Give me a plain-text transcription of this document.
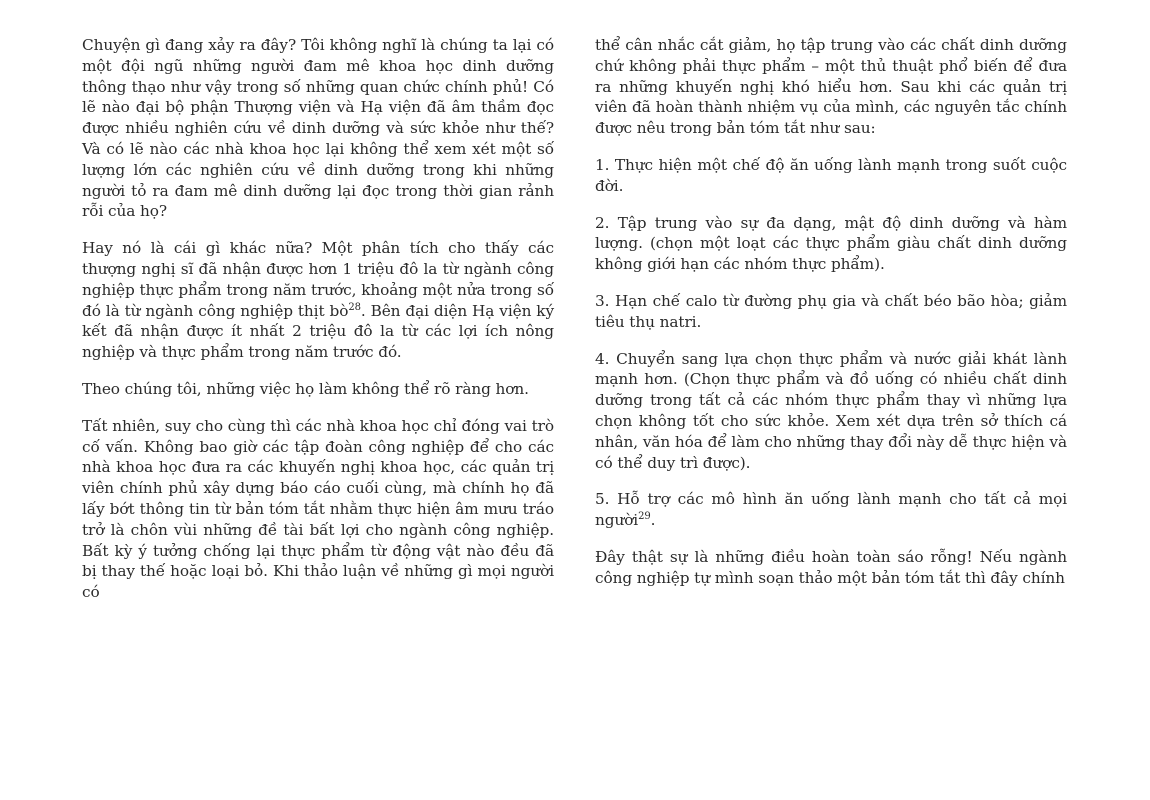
Chuyện gì đang xảy ra đây? Tôi không nghĩ là chúng ta lại có một đội ngũ những người đam mê khoa học dinh dưỡng thông thạo như vậy trong số những quan chức chính phủ! Có lẽ nào đại bộ phận Thượng viện và Hạ viện đã âm thầm đọc được nhiều nghiên cứu về dinh dưỡng và sức khỏe như thế? Và có lẽ nào các nhà khoa học lại không thể xem xét một số lượng lớn các nghiên cứu về dinh dưỡng trong khi những người tỏ ra đam mê dinh dưỡng lại đọc trong thời gian rảnh rỗi của họ?

Hay nó là cái gì khác nữa? Một phân tích cho thấy các thượng nghị sĩ đã nhận được hơn 1 triệu đô la từ ngành công nghiệp thực phẩm trong năm trước, khoảng một nửa trong số đó là từ ngành công nghiệp thịt $bò^{28}$. Bên đại diện Hạ viện ký kết đã nhận được ít nhất 2 triệu đô la từ các lợi ích nông nghiệp và thực phẩm trong năm trước đó.

Theo chúng tôi, những việc họ làm không thể rõ ràng hơn.

Tất nhiên, suy cho cùng thì các nhà khoa học chỉ đóng vai trò cố vấn. Không bao giờ các tập đoàn công nghiệp để cho các nhà khoa học đưa ra các khuyến nghị khoa học, các quản trị viên chính phủ xây dựng báo cáo cuối cùng, mà chính họ đã lấy bớt thông tin từ bản tóm tắt nhằm thực hiện âm mưu tráo trở là chôn vùi những đề tài bất lợi cho ngành công nghiệp. Bất kỳ ý tưởng chống lại thực phẩm từ động vật nào đều đã bị thay thế hoặc loại bỏ. Khi thảo luận về những gì mọi người có

thể cân nhắc cắt giảm, họ tập trung vào các chất dinh dưỡng chứ không phải thực phẩm – một thủ thuật phổ biến để đưa ra những khuyến nghị khó hiểu hơn. Sau khi các quản trị viên đã hoàn thành nhiệm vụ của mình, các nguyên tắc chính được nêu trong bản tóm tắt như sau:

1. Thực hiện một chế độ ăn uống lành mạnh trong suốt cuộc đời.

2. Tập trung vào sự đa dạng, mật độ dinh dưỡng và hàm lượng. (chọn một loạt các thực phẩm giàu chất dinh dưỡng không giới hạn các nhóm thực phẩm).

3. Hạn chế calo từ đường phụ gia và chất béo bão hòa; giảm tiêu thụ natri.

4. Chuyển sang lựa chọn thực phẩm và nước giải khát lành mạnh hơn. (Chọn thực phẩm và đồ uống có nhiều chất dinh dưỡng trong tất cả các nhóm thực phẩm thay vì những lựa chọn không tốt cho sức khỏe. Xem xét dựa trên sở thích cá nhân, văn hóa để làm cho những thay đổi này dễ thực hiện và có thể duy trì được).

5. Hỗ trợ các mô hình ăn uống lành mạnh cho tất cả mọi người$^{29}$.

Đây thật sự là những điều hoàn toàn sáo rỗng! Nếu ngành công nghiệp tự mình soạn thảo một bản tóm tắt thì đây chính
